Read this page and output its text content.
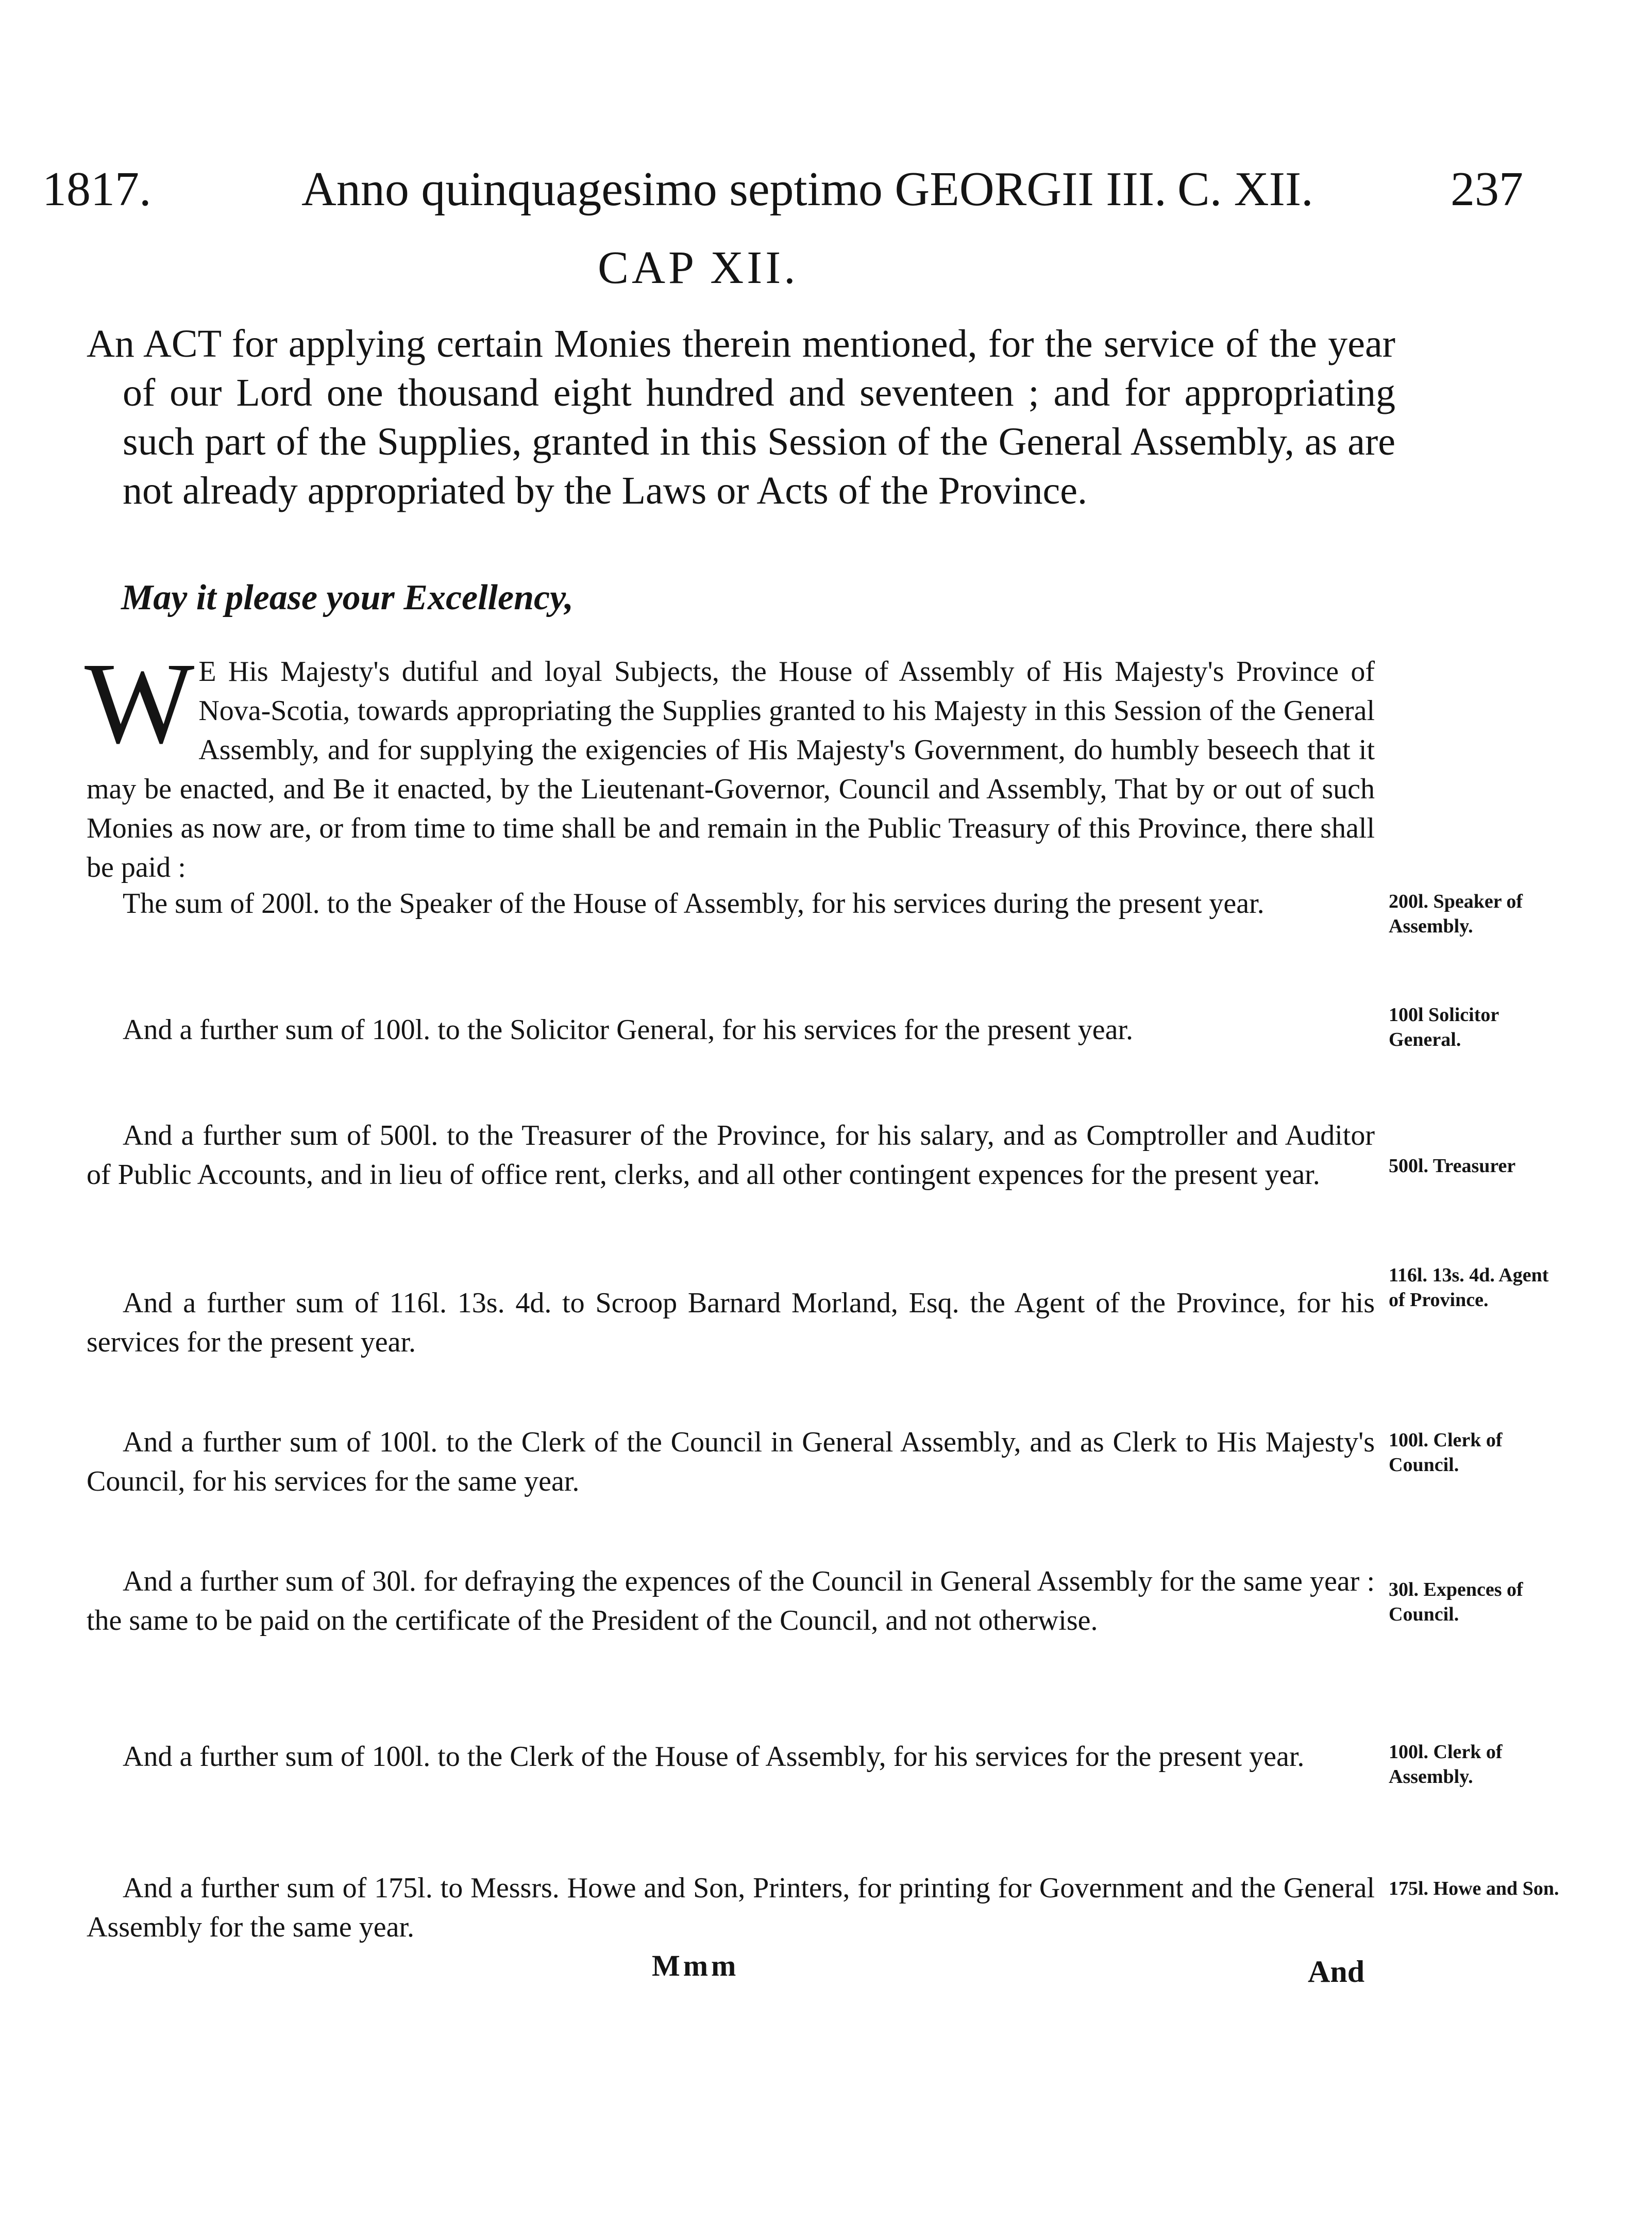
1817.	Anno quinquagesimo septimo GEORGII III. C. XII.	237
CAP XII.
An ACT for applying certain Monies therein mentioned, for the service of the year of our Lord one thousand eight hundred and seventeen ; and for appropriating such part of the Supplies, granted in this Session of the General Assembly, as are not already appropriated by the Laws or Acts of the Province.
May it please your Excellency,
W E His Majesty's dutiful and loyal Subjects, the House of Assembly of His Majesty's Province of Nova-Scotia, towards appropriating the Supplies granted to his Majesty in this Session of the General Assembly, and for supplying the exigencies of His Majesty's Government, do humbly beseech that it may be enacted, and Be it enacted, by the Lieutenant-Governor, Council and Assembly, That by or out of such Monies as now are, or from time to time shall be and remain in the Public Treasury of this Province, there shall be paid :
The sum of 200l. to the Speaker of the House of Assembly, for his services during the present year.	200l. Speaker of Assembly.
And a further sum of 100l. to the Solicitor General, for his services for the present year.	100l Solicitor General.
And a further sum of 500l. to the Treasurer of the Province, for his salary, and as Comptroller and Auditor of Public Accounts, and in lieu of office rent, clerks, and all other contingent expences for the present year.	500l. Treasurer
And a further sum of 116l. 13s. 4d. to Scroop Barnard Morland, Esq. the Agent of the Province, for his services for the present year.
116l. 13s. 4d. Agent of Province.
And a further sum of 100l. to the Clerk of the Council in General Assembly, and as Clerk to His Majesty's Council, for his services for the same year.
100l. Clerk of Council.
And a further sum of 30l. for defraying the expences of the Council in General Assembly for the same year : the same to be paid on the certificate of the President of the Council, and not otherwise.
30l. Expences of Council.
And a further sum of 100l. to the Clerk of the House of Assembly, for his services for the present year.	100l. Clerk of Assembly.
And a further sum of 175l. to Messrs. Howe and Son, Printers, for printing for Government and the General Assembly for the same year.
175l. Howe and Son.
Mmm	And
